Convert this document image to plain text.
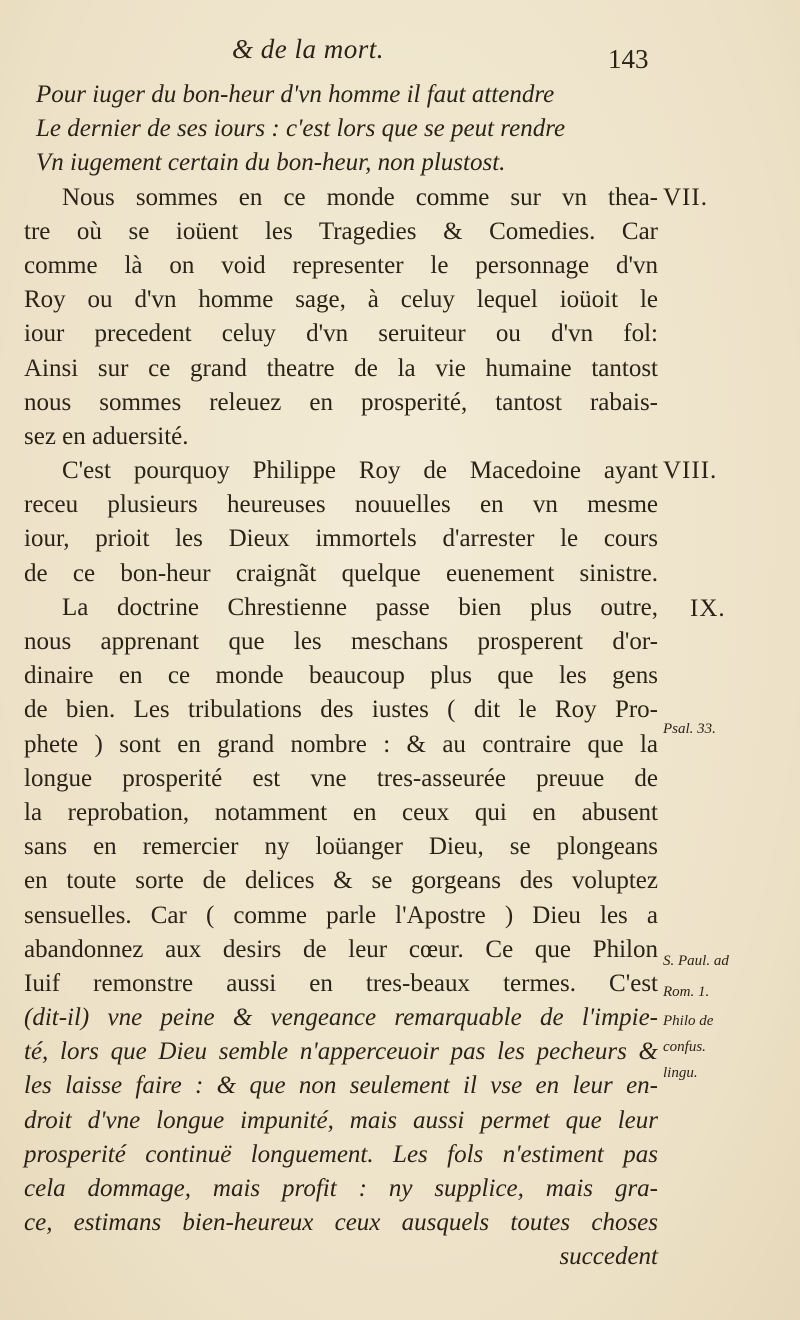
& de la mort.	143
Pour iuger du bon-heur d'vn homme il faut attendre
Le dernier de ses iours : c'est lors que se peut rendre
Vn iugement certain du bon-heur, non plustost.
Nous sommes en ce monde comme sur vn thea-
tre où se ioüent les Tragedies & Comedies. Car
comme là on void representer le personnage d'vn
Roy ou d'vn homme sage, à celuy lequel ioüoit le
iour precedent celuy d'vn seruiteur ou d'vn fol:
Ainsi sur ce grand theatre de la vie humaine tantost
nous sommes releuez en prosperité, tantost rabais-
sez en aduersité.
C'est pourquoy Philippe Roy de Macedoine ayant
receu plusieurs heureuses nouuelles en vn mesme
iour, prioit les Dieux immortels d'arrester le cours
de ce bon-heur craignãt quelque euenement sinistre.
La doctrine Chrestienne passe bien plus outre,
nous apprenant que les meschans prosperent d'or-
dinaire en ce monde beaucoup plus que les gens
de bien. Les tribulations des iustes ( dit le Roy Pro-
phete ) sont en grand nombre : & au contraire que la
longue prosperité est vne tres-asseurée preuue de
la reprobation, notamment en ceux qui en abusent
sans en remercier ny loüanger Dieu, se plongeans
en toute sorte de delices & se gorgeans des voluptez
sensuelles. Car ( comme parle l'Apostre ) Dieu les a
abandonnez aux desirs de leur cœur. Ce que Philon
Iuif remonstre aussi en tres-beaux termes. C'est
(dit-il) vne peine & vengeance remarquable de l'impie-
té, lors que Dieu semble n'apperceuoir pas les pecheurs &
les laisse faire : & que non seulement il vse en leur en-
droit d'vne longue impunité, mais aussi permet que leur
prosperité continuë longuement. Les fols n'estiment pas
cela dommage, mais profit : ny supplice, mais gra-
ce, estimans bien-heureux ceux ausquels toutes choses
succedent
VII.
VIII.
IX.
Psal. 33.
S. Paul. ad
Rom. 1.
Philo de
confus.
lingu.
